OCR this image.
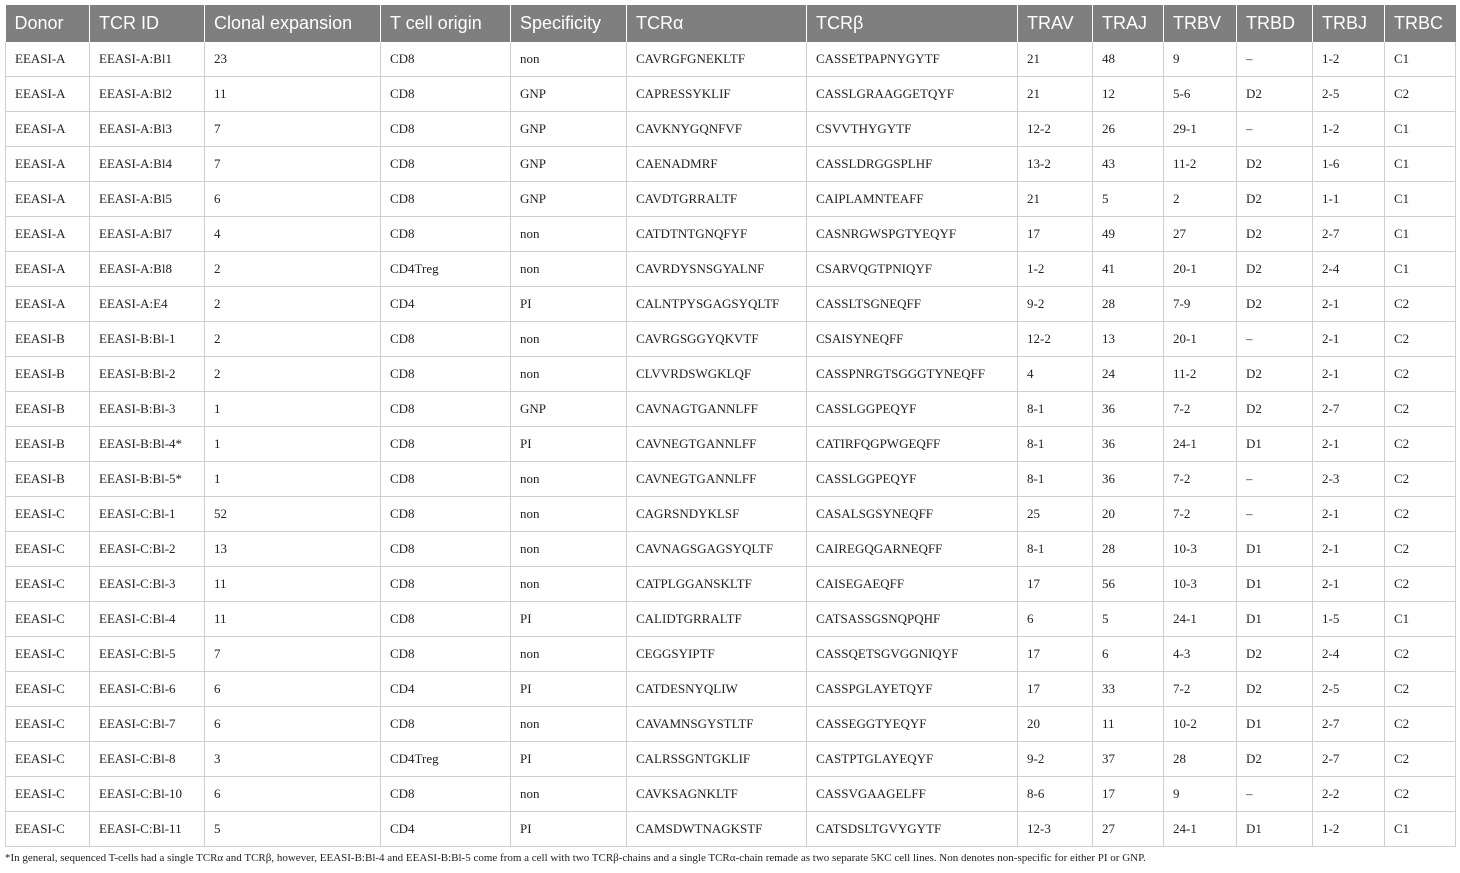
Donor	TCR ID	Clonal expansion	T cell origin	Specificity	TCRα	TCRβ	TRAV	TRAJ	TRBV	TRBD	TRBJ	TRBC
EEASI-A	EEASI-A:Bl1	23	CD8	non	CAVRGFGNEKLTF	CASSETPAPNYGYTF	21	48	9	–	1-2	C1
EEASI-A	EEASI-A:Bl2	11	CD8	GNP	CAPRESSYKLIF	CASSLGRAAGGETQYF	21	12	5-6	D2	2-5	C2
EEASI-A	EEASI-A:Bl3	7	CD8	GNP	CAVKNYGQNFVF	CSVVTHYGYTF	12-2	26	29-1	–	1-2	C1
EEASI-A	EEASI-A:Bl4	7	CD8	GNP	CAENADMRF	CASSLDRGGSPLHF	13-2	43	11-2	D2	1-6	C1
EEASI-A	EEASI-A:Bl5	6	CD8	GNP	CAVDTGRRALTF	CAIPLAMNTEAFF	21	5	2	D2	1-1	C1
EEASI-A	EEASI-A:Bl7	4	CD8	non	CATDTNTGNQFYF	CASNRGWSPGTYEQYF	17	49	27	D2	2-7	C1
EEASI-A	EEASI-A:Bl8	2	CD4Treg	non	CAVRDYSNSGYALNF	CSARVQGTPNIQYF	1-2	41	20-1	D2	2-4	C1
EEASI-A	EEASI-A:E4	2	CD4	PI	CALNTPYSGAGSYQLTF	CASSLTSGNEQFF	9-2	28	7-9	D2	2-1	C2
EEASI-B	EEASI-B:Bl-1	2	CD8	non	CAVRGSGGYQKVTF	CSAISYNEQFF	12-2	13	20-1	–	2-1	C2
EEASI-B	EEASI-B:Bl-2	2	CD8	non	CLVVRDSWGKLQF	CASSPNRGTSGGGTYNEQFF	4	24	11-2	D2	2-1	C2
EEASI-B	EEASI-B:Bl-3	1	CD8	GNP	CAVNAGTGANNLFF	CASSLGGPEQYF	8-1	36	7-2	D2	2-7	C2
EEASI-B	EEASI-B:Bl-4*	1	CD8	PI	CAVNEGTGANNLFF	CATIRFQGPWGEQFF	8-1	36	24-1	D1	2-1	C2
EEASI-B	EEASI-B:Bl-5*	1	CD8	non	CAVNEGTGANNLFF	CASSLGGPEQYF	8-1	36	7-2	–	2-3	C2
EEASI-C	EEASI-C:Bl-1	52	CD8	non	CAGRSNDYKLSF	CASALSGSYNEQFF	25	20	7-2	–	2-1	C2
EEASI-C	EEASI-C:Bl-2	13	CD8	non	CAVNAGSGAGSYQLTF	CAIREGQGARNEQFF	8-1	28	10-3	D1	2-1	C2
EEASI-C	EEASI-C:Bl-3	11	CD8	non	CATPLGGANSKLTF	CAISEGAEQFF	17	56	10-3	D1	2-1	C2
EEASI-C	EEASI-C:Bl-4	11	CD8	PI	CALIDTGRRALTF	CATSASSGSNQPQHF	6	5	24-1	D1	1-5	C1
EEASI-C	EEASI-C:Bl-5	7	CD8	non	CEGGSYIPTF	CASSQETSGVGGNIQYF	17	6	4-3	D2	2-4	C2
EEASI-C	EEASI-C:Bl-6	6	CD4	PI	CATDESNYQLIW	CASSPGLAYETQYF	17	33	7-2	D2	2-5	C2
EEASI-C	EEASI-C:Bl-7	6	CD8	non	CAVAMNSGYSTLTF	CASSEGGTYEQYF	20	11	10-2	D1	2-7	C2
EEASI-C	EEASI-C:Bl-8	3	CD4Treg	PI	CALRSSGNTGKLIF	CASTPTGLAYEQYF	9-2	37	28	D2	2-7	C2
EEASI-C	EEASI-C:Bl-10	6	CD8	non	CAVKSAGNKLTF	CASSVGAAGELFF	8-6	17	9	–	2-2	C2
EEASI-C	EEASI-C:Bl-11	5	CD4	PI	CAMSDWTNAGKSTF	CATSDSLTGVYGYTF	12-3	27	24-1	D1	1-2	C1
*In general, sequenced T-cells had a single TCRα and TCRβ, however, EEASI-B:Bl-4 and EEASI-B:Bl-5 come from a cell with two TCRβ-chains and a single TCRα-chain remade as two separate 5KC cell lines. Non denotes non-specific for either PI or GNP.
